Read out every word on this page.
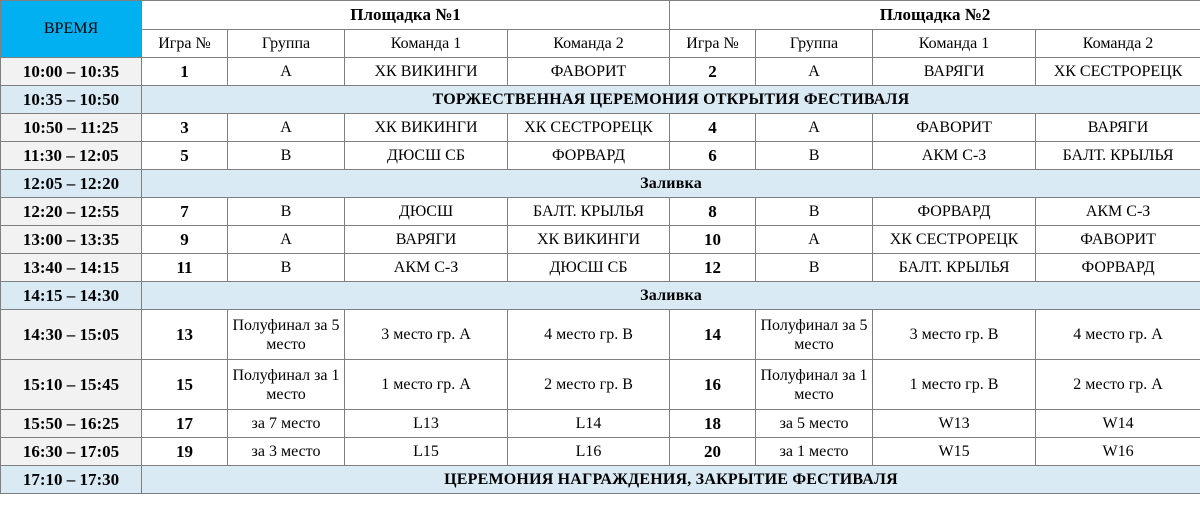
ВРЕМЯ	Площадка №1				Площадка №2			
	Игра №	Группа	Команда 1	Команда 2	Игра №	Группа	Команда 1	Команда 2
10:00 – 10:35	1	А	ХК ВИКИНГИ	ФАВОРИТ	2	А	ВАРЯГИ	ХК СЕСТРОРЕЦК
10:35 – 10:50	ТОРЖЕСТВЕННАЯ ЦЕРЕМОНИЯ ОТКРЫТИЯ ФЕСТИВАЛЯ							
10:50 – 11:25	3	А	ХК ВИКИНГИ	ХК СЕСТРОРЕЦК	4	А	ФАВОРИТ	ВАРЯГИ
11:30 – 12:05	5	В	ДЮСШ СБ	ФОРВАРД	6	В	АКМ С-З	БАЛТ. КРЫЛЬЯ
12:05 – 12:20	Заливка							
12:20 – 12:55	7	В	ДЮСШ	БАЛТ. КРЫЛЬЯ	8	В	ФОРВАРД	АКМ С-З
13:00 – 13:35	9	А	ВАРЯГИ	ХК ВИКИНГИ	10	А	ХК СЕСТРОРЕЦК	ФАВОРИТ
13:40 – 14:15	11	В	АКМ С-З	ДЮСШ СБ	12	В	БАЛТ. КРЫЛЬЯ	ФОРВАРД
14:15 – 14:30	Заливка							
14:30 – 15:05	13	Полуфинал за 5 место	3 место гр. А	4 место гр. В	14	Полуфинал за 5 место	3 место гр. В	4 место гр. А
15:10 – 15:45	15	Полуфинал за 1 место	1 место гр. А	2 место гр. В	16	Полуфинал за 1 место	1 место гр. В	2 место гр. А
15:50 – 16:25	17	за 7 место	L13	L14	18	за 5 место	W13	W14
16:30 – 17:05	19	за 3 место	L15	L16	20	за 1 место	W15	W16
17:10 – 17:30	ЦЕРЕМОНИЯ НАГРАЖДЕНИЯ, ЗАКРЫТИЕ ФЕСТИВАЛЯ							
